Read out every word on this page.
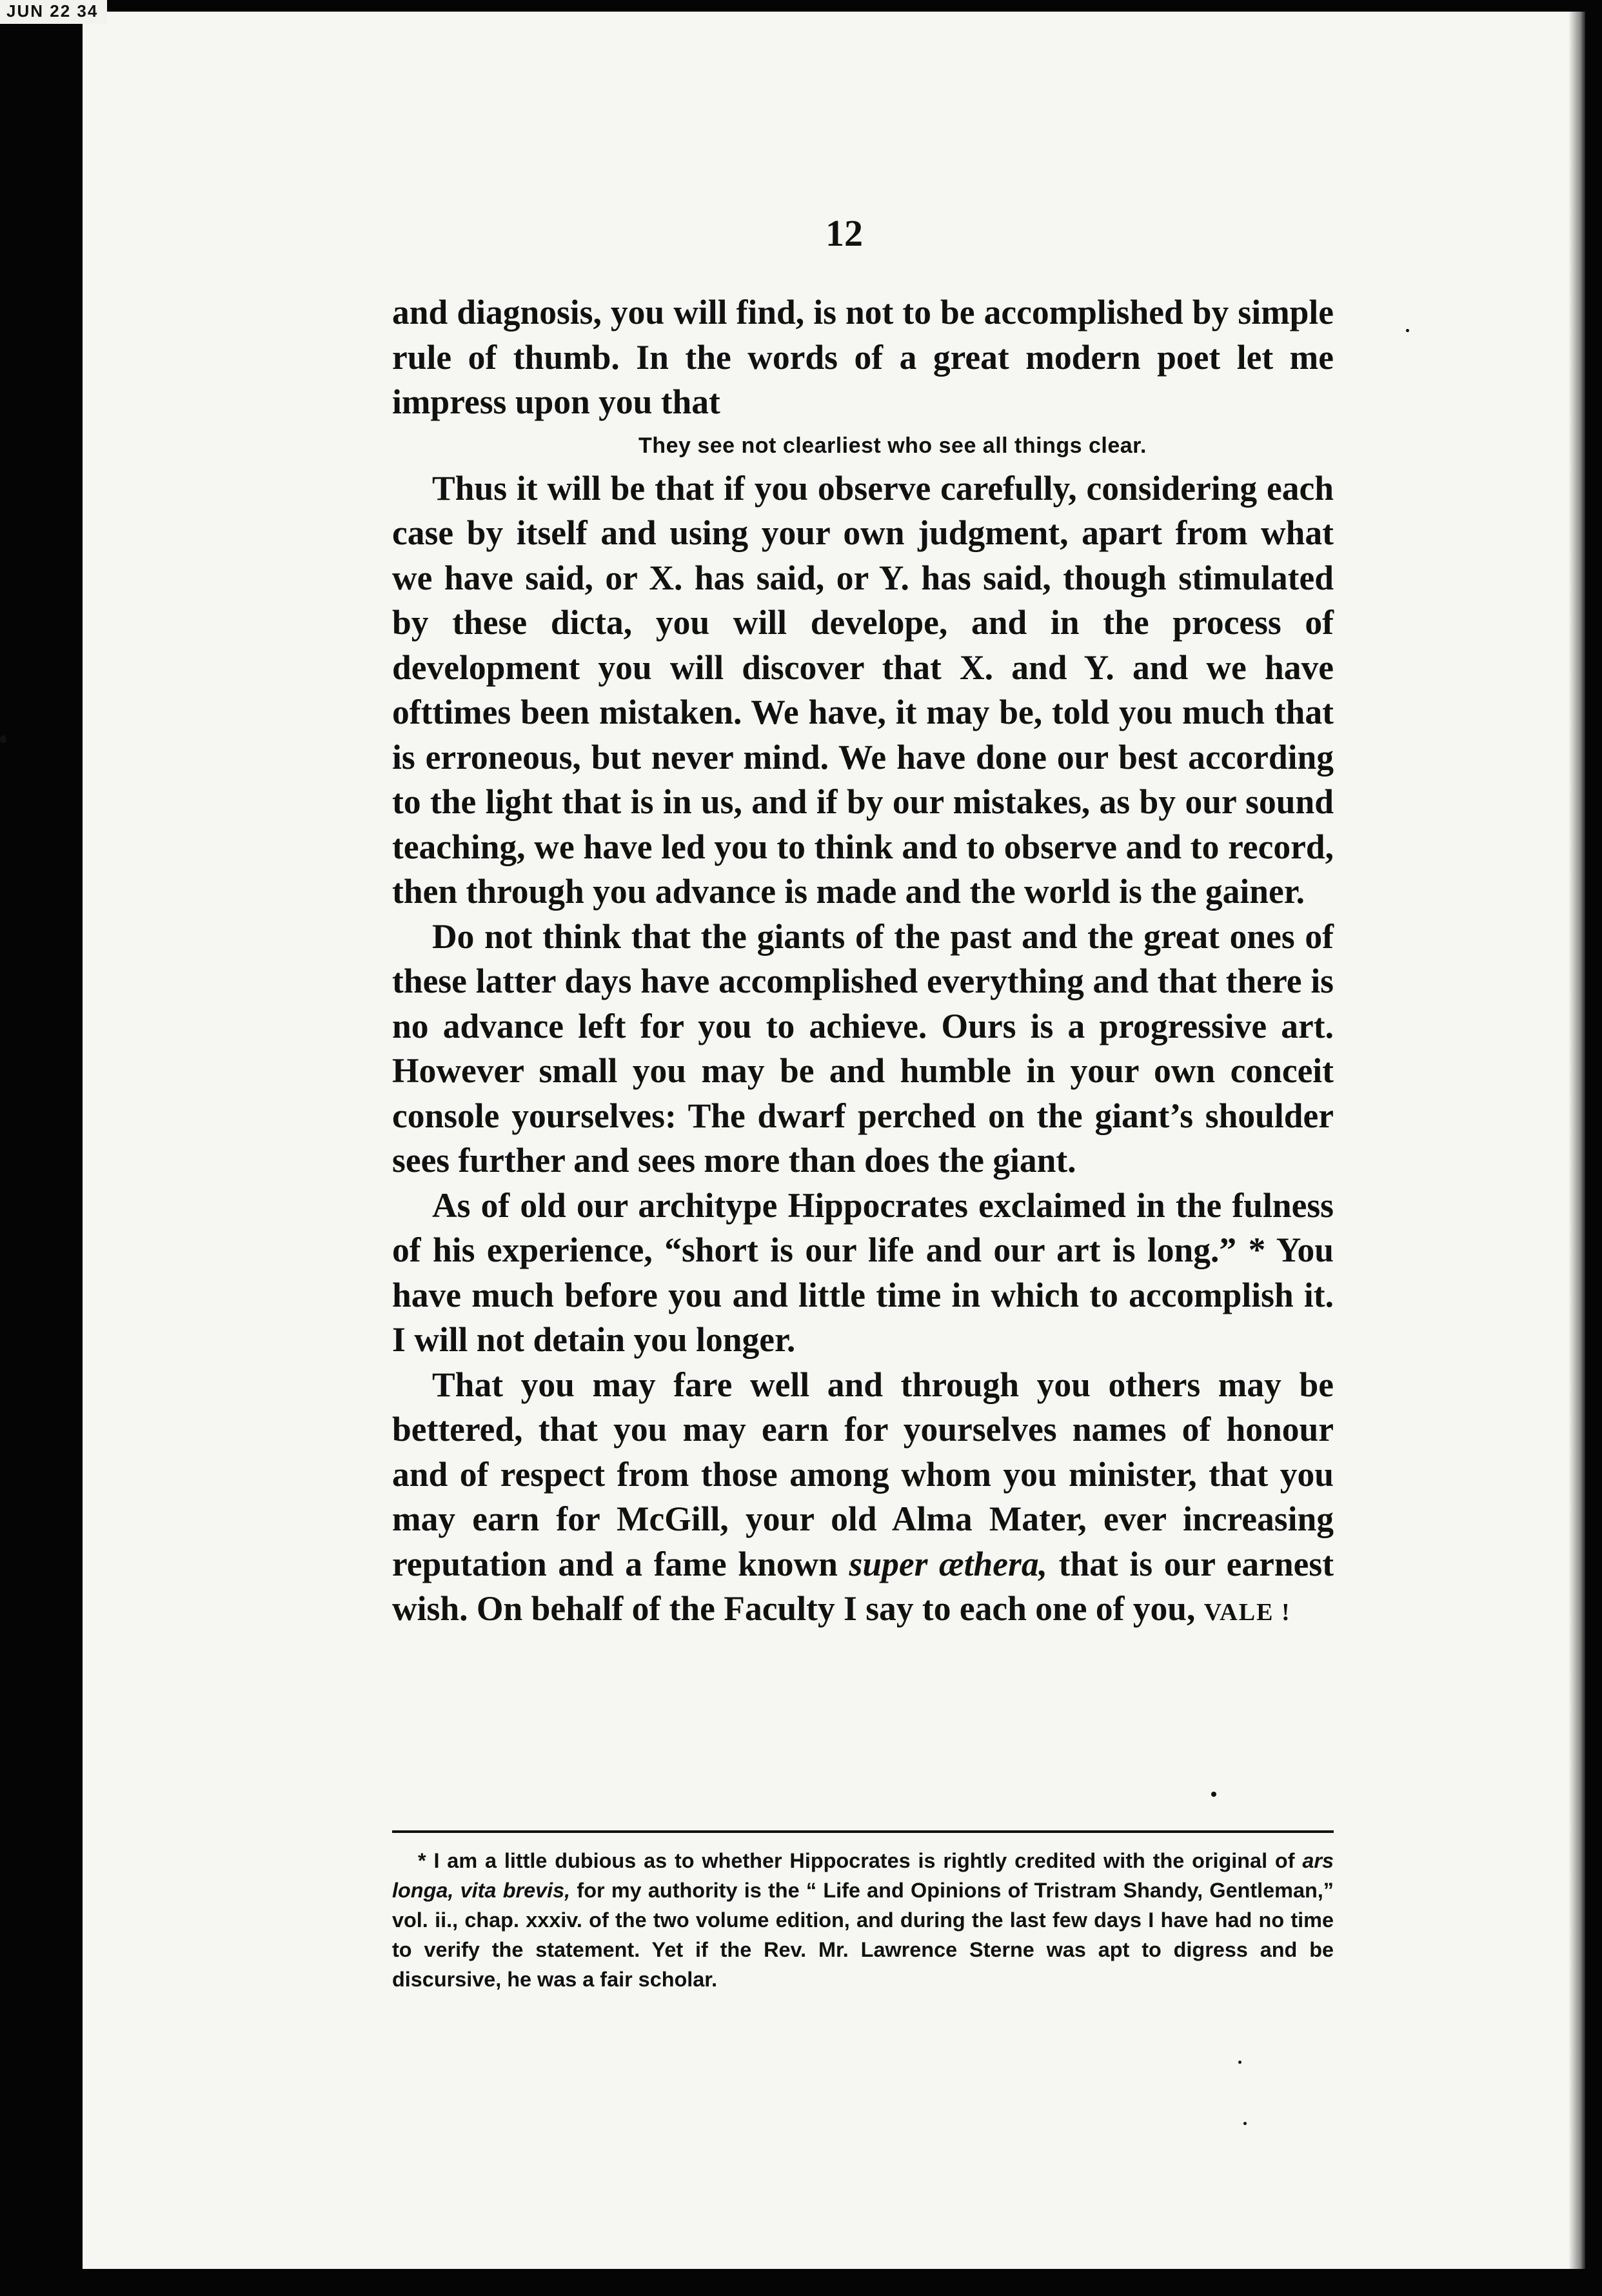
JUN 22 34
12

and diagnosis, you will find, is not to be accomplished by simple rule of thumb. In the words of a great modern poet let me impress upon you that

They see not clearliest who see all things clear.

Thus it will be that if you observe carefully, considering each case by itself and using your own judgment, apart from what we have said, or X. has said, or Y. has said, though stimulated by these dicta, you will develope, and in the process of development you will discover that X. and Y. and we have ofttimes been mistaken. We have, it may be, told you much that is erroneous, but never mind. We have done our best according to the light that is in us, and if by our mistakes, as by our sound teaching, we have led you to think and to observe and to record, then through you advance is made and the world is the gainer.

Do not think that the giants of the past and the great ones of these latter days have accomplished everything and that there is no advance left for you to achieve. Ours is a progressive art. However small you may be and humble in your own conceit console yourselves: The dwarf perched on the giant’s shoulder sees further and sees more than does the giant.

As of old our architype Hippocrates exclaimed in the fulness of his experience, “short is our life and our art is long.” * You have much before you and little time in which to accomplish it. I will not detain you longer.

That you may fare well and through you others may be bettered, that you may earn for yourselves names of honour and of respect from those among whom you minister, that you may earn for McGill, your old Alma Mater, ever increasing reputation and a fame known super æthera, that is our earnest wish. On behalf of the Faculty I say to each one of you, VALE !

* I am a little dubious as to whether Hippocrates is rightly credited with the original of ars longa, vita brevis, for my authority is the “ Life and Opinions of Tristram Shandy, Gentleman,” vol. ii., chap. xxxiv. of the two volume edition, and during the last few days I have had no time to verify the statement. Yet if the Rev. Mr. Lawrence Sterne was apt to digress and be discursive, he was a fair scholar.
